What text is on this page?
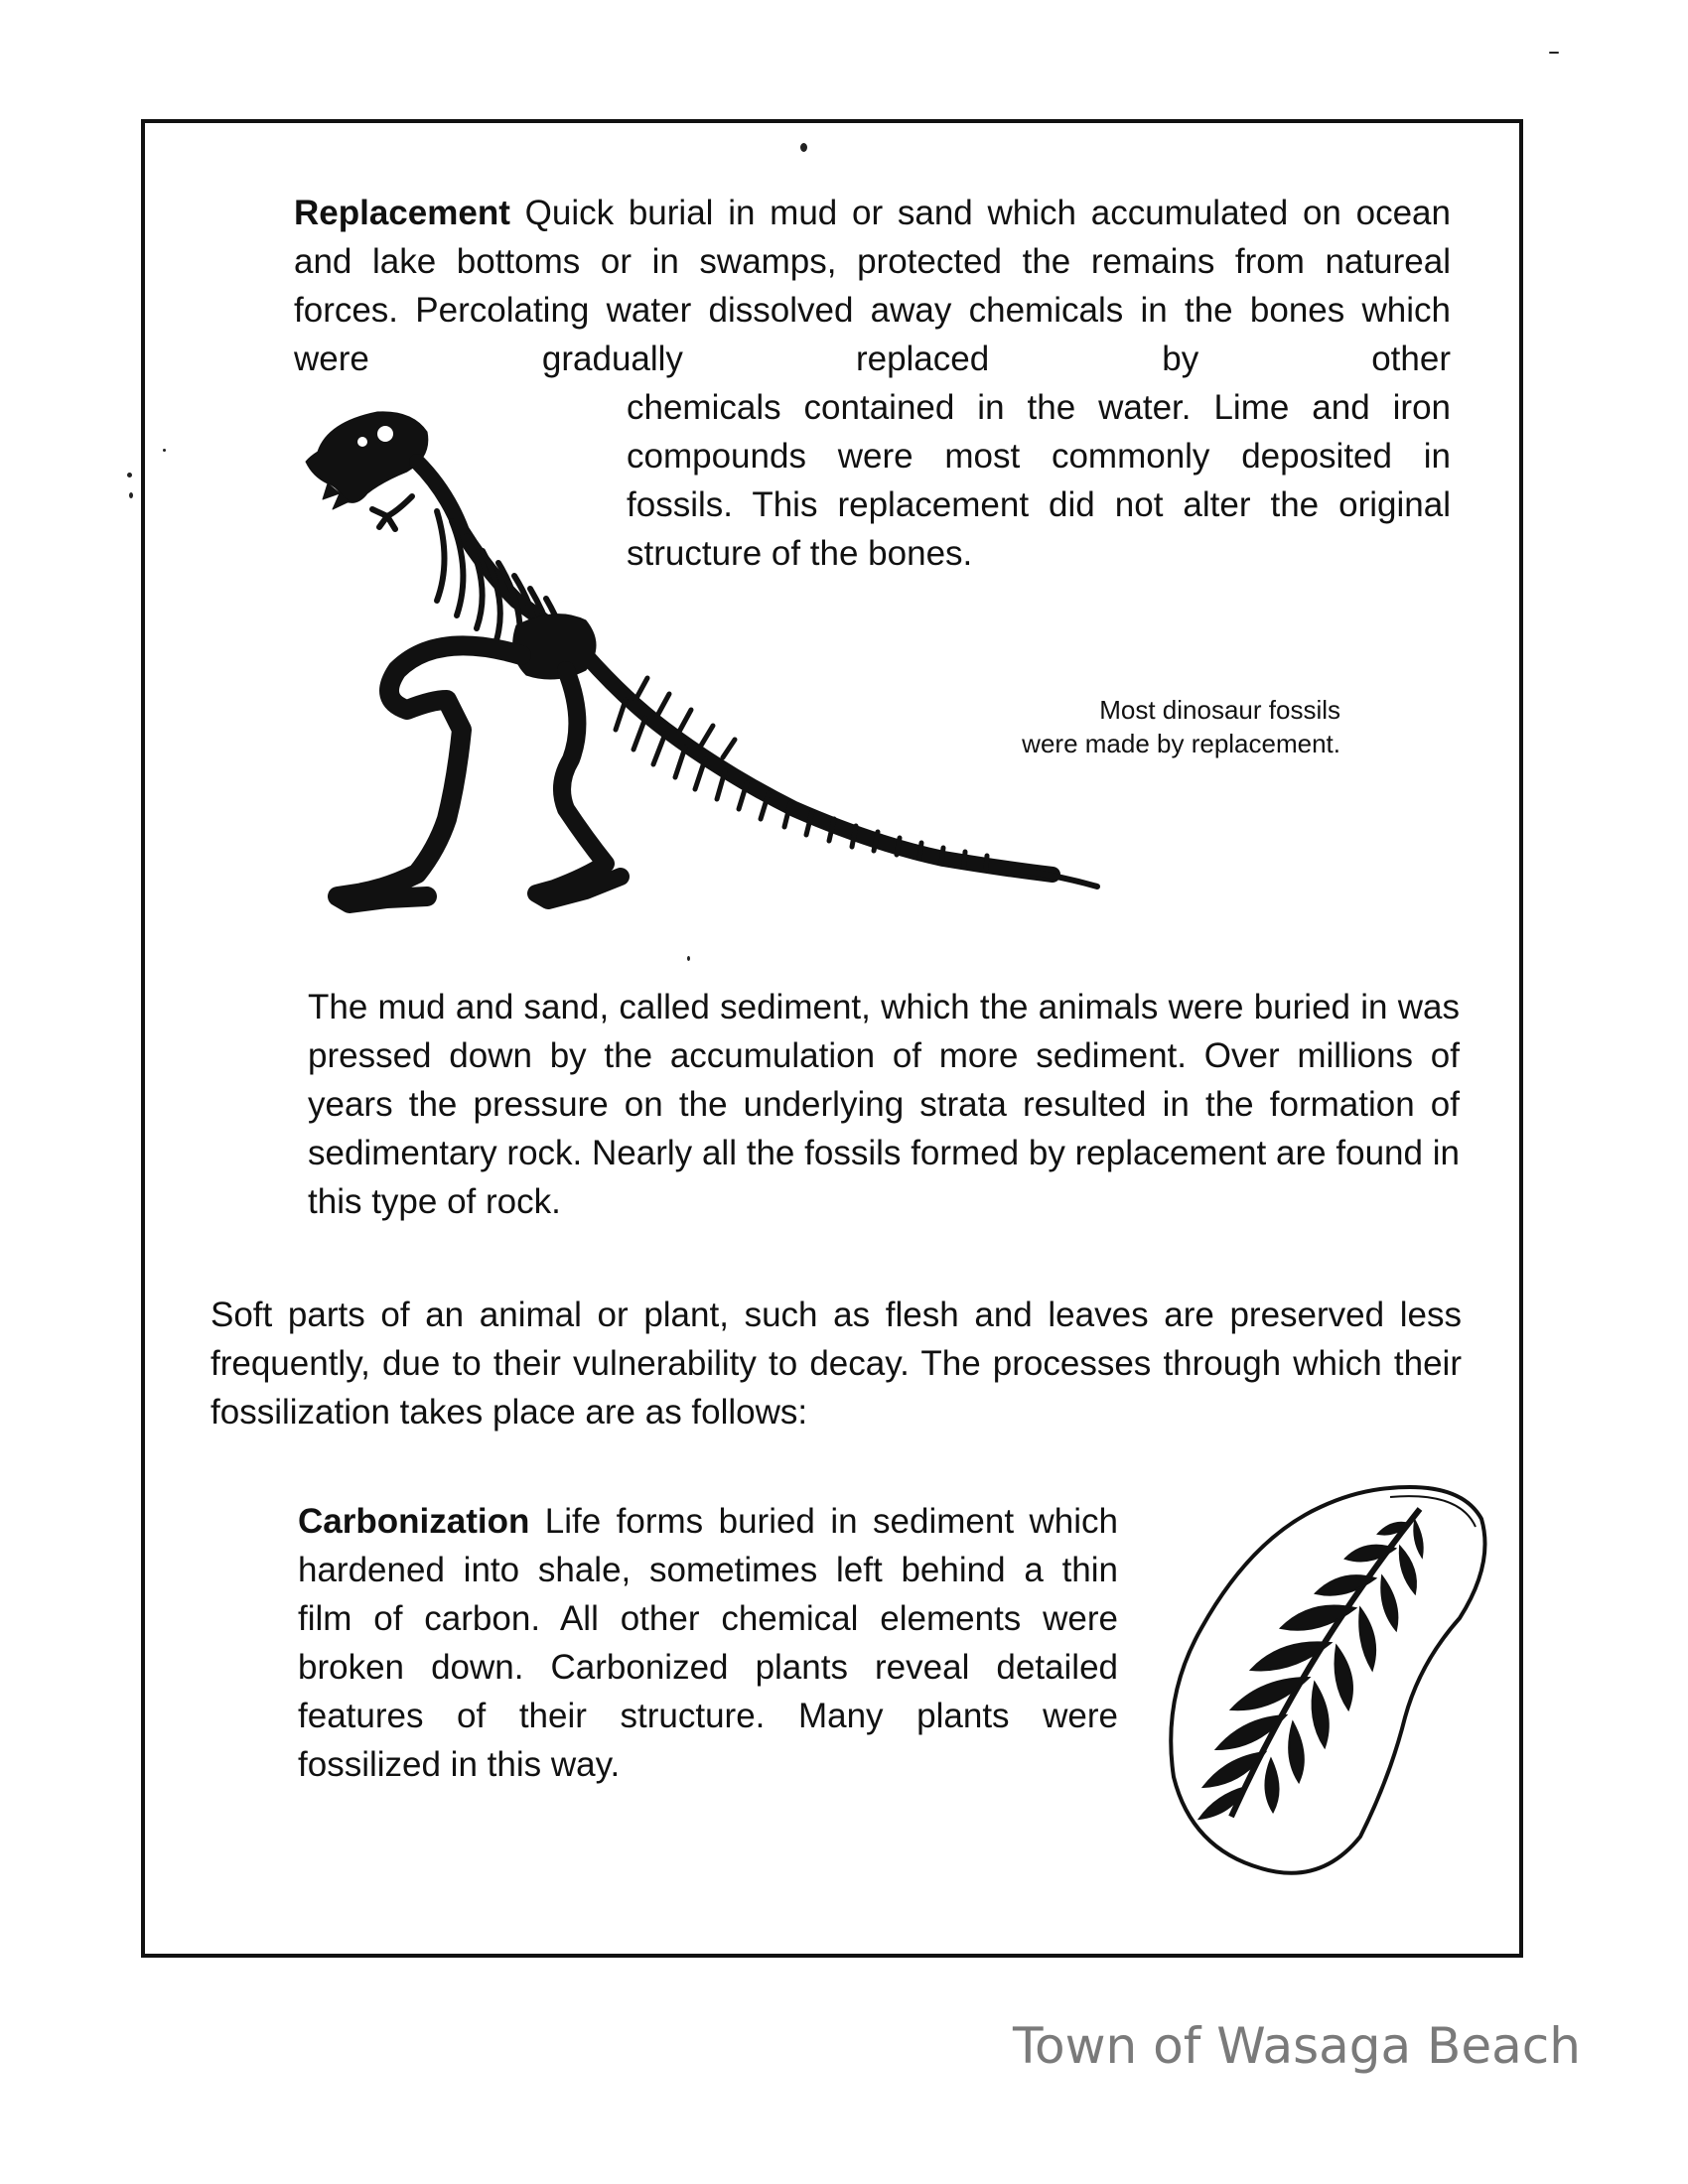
Replacement Quick burial in mud or sand which accumulated on ocean and lake bottoms or in swamps, protected the remains from natureal forces. Percolating water dissolved away chemicals in the bones which were gradually replaced by other

chemicals contained in the water. Lime and iron compounds were most commonly deposited in fossils. This replacement did not alter the original structure of the bones.

Most dinosaur fossils
were made by replacement.

The mud and sand, called sediment, which the animals were buried in was pressed down by the accumulation of more sediment. Over millions of years the pressure on the underlying strata resulted in the formation of sedimentary rock. Nearly all the fossils formed by replacement are found in this type of rock.

Soft parts of an animal or plant, such as flesh and leaves are preserved less frequently, due to their vulnerability to decay. The processes through which their fossilization takes place are as follows:

Carbonization Life forms buried in sediment which hardened into shale, sometimes left behind a thin film of carbon. All other chemical elements were broken down. Carbonized plants reveal detailed features of their structure. Many plants were fossilized in this way.

Town of Wasaga Beach
